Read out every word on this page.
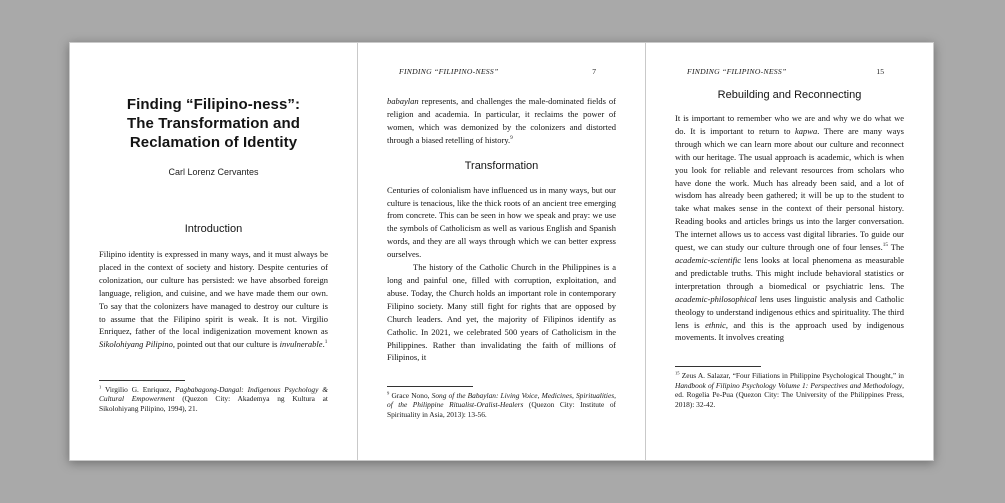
Finding “Filipino-ness”:
The Transformation and
Reclamation of Identity
Carl Lorenz Cervantes
Introduction

Filipino identity is expressed in many ways, and it must always be placed in the context of society and history. Despite centuries of colonization, our culture has persisted: we have absorbed foreign language, religion, and cuisine, and we have made them our own. To say that the colonizers have managed to destroy our culture is to assume that the Filipino spirit is weak. It is not. Virgilio Enriquez, father of the local indigenization movement known as Sikolohiyang Pilipino, pointed out that our culture is invulnerable.$^1$

$^1$ Virgilio G. Enriquez, Pagbabagong-Dangal: Indigenous Psychology & Cultural Empowerment (Quezon City: Akademya ng Kultura at Sikolohiyang Pilipino, 1994), 21.

FINDING “FILIPINO-NESS”	7

babaylan represents, and challenges the male-dominated fields of religion and academia. In particular, it reclaims the power of women, which was demonized by the colonizers and distorted through a biased retelling of history.$^9$

Transformation

Centuries of colonialism have influenced us in many ways, but our culture is tenacious, like the thick roots of an ancient tree emerging from concrete. This can be seen in how we speak and pray: we use the symbols of Catholicism as well as various English and Spanish words, and they are all ways through which we can better express ourselves.

The history of the Catholic Church in the Philippines is a long and painful one, filled with corruption, exploitation, and abuse. Today, the Church holds an important role in contemporary Filipino society. Many still fight for rights that are opposed by Church leaders. And yet, the majority of Filipinos identify as Catholic. In 2021, we celebrated 500 years of Catholicism in the Philippines. Rather than invalidating the faith of millions of Filipinos, it

$^9$ Grace Nono, Song of the Babaylan: Living Voice, Medicines, Spiritualities, of the Philippine Ritualist-Oralist-Healers (Quezon City: Institute of Spirituality in Asia, 2013): 13-56.

FINDING “FILIPINO-NESS”	15
Rebuilding and Reconnecting

It is important to remember who we are and why we do what we do. It is important to return to kapwa. There are many ways through which we can learn more about our culture and reconnect with our heritage. The usual approach is academic, which is when you look for reliable and relevant resources from scholars who have done the work. Much has already been said, and a lot of wisdom has already been gathered; it will be up to the student to take what makes sense in the context of their personal history. Reading books and articles brings us into the larger conversation. The internet allows us to access vast digital libraries. To guide our quest, we can study our culture through one of four lenses.$^{15}$ The academic-scientific lens looks at local phenomena as measurable and predictable truths. This might include behavioral statistics or interpretation through a biomedical or psychiatric lens. The academic-philosophical lens uses linguistic analysis and Catholic theology to understand indigenous ethics and spirituality. The third lens is ethnic, and this is the approach used by indigenous movements. It involves creating

$^{15}$ Zeus A. Salazar, “Four Filiations in Philippine Psychological Thought,” in Handbook of Filipino Psychology Volume 1: Perspectives and Methodology, ed. Rogelia Pe-Pua (Quezon City: The University of the Philippines Press, 2018): 32-42.
